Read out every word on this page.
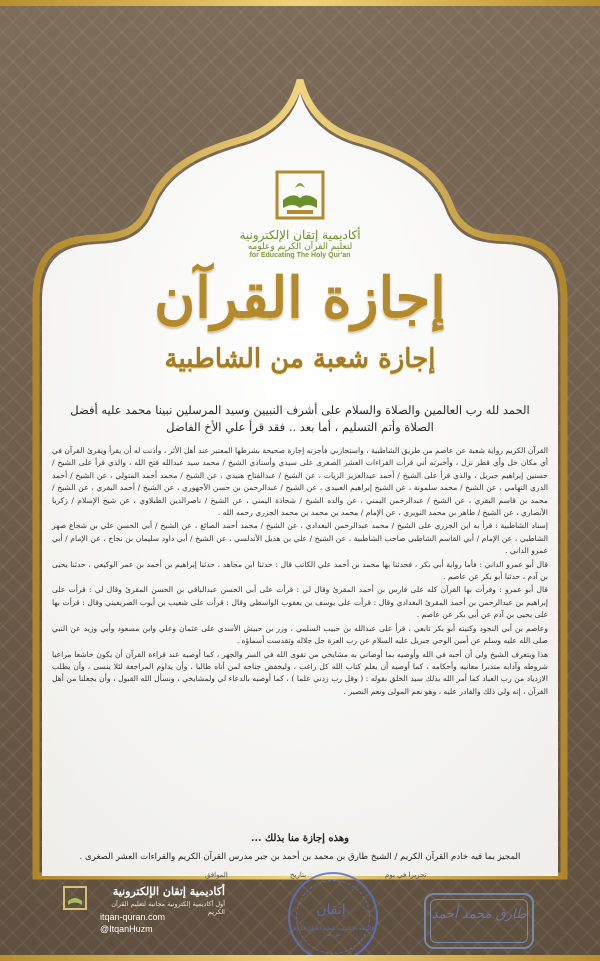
أكاديمية إتقان الإلكترونية
لتعليم القرآن الكريم وعلومه
for Educating The Holy Qur'an
إجازة القرآن
إجازة شعبة من الشاطبية
الحمد لله رب العالمين والصلاة والسلام على أشرف النبيين وسيد المرسلين نبينا محمد عليه أفضل الصلاة وأتم التسليم ، أما بعد .. فقد قرأ علي الأخ الفاضل

القرآن الكريم رواية شعبة عن عاصم من طريق الشاطبية ، واستجازني فأجزته إجازة صحيحة بشرطها المعتبر عند أهل الأثر ، وأذنت له أن يقرأ ويقرئ القرآن في أي مكان حل وأي قطر نزل ، وأخبرته أني قرأت القراءات العشر الصغرى على سيدي وأستاذي الشيخ / محمد سيد عبدالله فتح الله ، والذي قرأ على الشيخ / حسنين إبراهيم جبريل ، والذي قرأ على الشيخ / أحمد عبدالعزيز الزيات ، عن الشيخ / عبدالفتاح هنيدي ، عن الشيخ / محمد أحمد المتولي ، عن الشيخ / أحمد الدري التهامي ، عن الشيخ / محمد سلمونة ، عن الشيخ إبراهيم العبيدي ، عن الشيخ / عبدالرحمن بن حسن الأجهوري ، عن الشيخ / أحمد البقري ، عن الشيخ / محمد بن قاسم البقري ، عن الشيخ / عبدالرحمن اليمني ، عن والده الشيخ / شحاذة اليمني ، عن الشيخ / ناصرالدين الطبلاوي ، عن شيخ الإسلام / زكريا الأنصاري ، عن الشيخ / طاهر بن محمد النويري ، عن الإمام / محمد بن محمد بن محمد الجزري رحمه الله .

إسناد الشاطبية : قرأ به ابن الجزري على الشيخ / محمد عبدالرحمن البغدادي ، عن الشيخ / محمد أحمد الصائغ ، عن الشيخ / أبي الحسن علي بن شجاع صهر الشاطبي ، عن الإمام / أبي القاسم الشاطبي صاحب الشاطبية ، عن الشيخ / علي بن هذيل الأندلسي ، عن الشيخ / أبي داود سليمان بن نجاح ، عن الإمام / أبي عمرو الداني .

قال أبو عمرو الداني : فأما رواية أبي بكر ، فحدثنا بها محمد بن أحمد علي الكاتب قال : حدثنا ابن مجاهد ، حدثنا إبراهيم بن أحمد بن عمر الوكيعي ، حدثنا يحيى بن آدم ، حدثنا أبو بكر عن عاصم .

قال أبو عمرو : وقرأت بها القرآن كله على فارس بن أحمد المقرئ وقال لي : قرأت على أبي الحسن عبدالباقي بن الحسن المقرئ وقال لي : قرأت على إبراهيم بن عبدالرحمن بن أحمد المقرئ البغدادي وقال : قرأت على يوسف بن يعقوب الواسطي وقال : قرأت على شعيب بن أيوب الصريفيني وقال : قرأت بها على يحيى بن آدم عن أبي بكر عن عاصم .

وعاصم بن أبي النجود وكنيته أبو بكر تابعي ، قرأ على عبدالله بن حبيب السلمي ، وزر بن حبيش الأسدي على عثمان وعلي وابن مسعود وأبي وزيد عن النبي صلى الله عليه وسلم عن أمين الوحي جبريل عليه السلام عن رب العزة جل جلاله وتقدست أسماؤه .

هذا ويتعرف الشيخ ولي أن أحبه في الله وأوصيه بما أوصاني به مشايخي من تقوى الله في السر والجهر ، كما أوصيه عند قراءة القرآن أن يكون خاشعا مراعيا شروطه وآدابه متدبرا معانيه وأحكامه ، كما أوصيه أن يعلم كتاب الله كل راغب ، وليخفض جناحه لمن أتاه طالبا ، وأن يداوم المراجعة لئلا ينسى ، وأن يطلب الازدياد من رب العباد كما أمر الله بذلك سيد الخلق بقوله : ( وقل رب زدني علما ) ، كما أوصيه بالدعاء لي ولمشايخي ، ونسأل الله القبول ، وأن يجعلنا من أهل القرآن ، إنه ولي ذلك والقادر عليه ، وهو نعم المولى ونعم النصير .

وهذه إجازة منا بذلك ...
المجيز بما فيه خادم القرآن الكريم / الشيخ طارق بن محمد بن أحمد بن جبر مدرس القرآن الكريم والقراءات العشر الصغرى .
تحريرا في يوم
بتاريخ
الموافق
إتقان
المنصة الإلكترونية لتعليم القرآن الكريم عن بعد
طارق محمد أحمد
أكاديمية إتقان الإلكترونية
أول أكاديمية إلكترونية مجانية لتعليم القرآن الكريم
itqan-quran.com
@ItqanHuzm
